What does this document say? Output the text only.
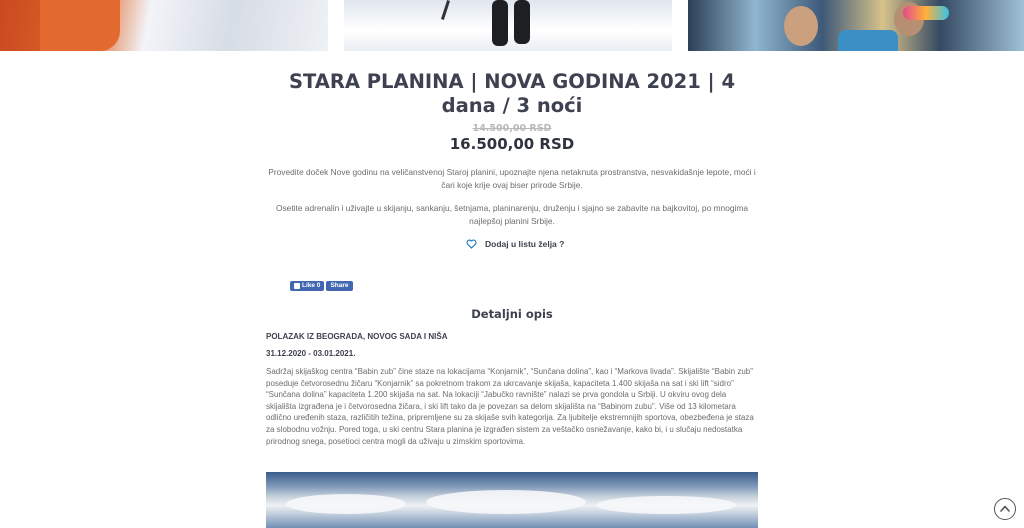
STARA PLANINA | NOVA GODINA 2021 | 4 dana / 3 noći
14.500,00 RSD
16.500,00 RSD

Provedite doček Nove godinu na veličanstvenoj Staroj planini, upoznajte njena netaknuta prostranstva, nesvakidašnje lepote, moći i čari koje krije ovaj biser prirode Srbije.

Osetite adrenalin i uživajte u skijanju, sankanju, šetnjama, planinarenju, druženju i sjajno se zabavite na bajkovitoj, po mnogima najlepšoj planini Srbije.

Dodaj u listu želja ?
Like 0 Share
Detaljni opis
POLAZAK IZ BEOGRADA, NOVOG SADA I NIŠA
31.12.2020 - 03.01.2021.

Sadržaj skijaškog centra “Babin zub” čine staze na lokacijama “Konjarnik”, “Sunčana dolina”, kao i “Markova livada”. Skijalište “Babin zub” poseduje četvorosednu žičaru “Konjarnik” sa pokretnom trakom za ukrcavanje skijaša, kapaciteta 1.400 skijaša na sat i ski lift “sidro” “Sunčana dolina” kapaciteta 1.200 skijaša na sat. Na lokaciji “Jabučko ravnište” nalazi se prva gondola u Srbiji. U okviru ovog dela skijališta izgrađena je i četvorosedna žičara, i ski lift tako da je povezan sa delom skijališta na “Babinom zubu”. Više od 13 kilometara odlično uređenih staza, različitih težina, pripremljene su za skijaše svih kategorija. Za ljubitelje ekstremnijih sportova, obezbeđena je staza za slobodnu vožnju. Pored toga, u ski centru Stara planina je izgrađen sistem za veštačko osnežavanje, kako bi, i u slučaju nedostatka prirodnog snega, posetioci centra mogli da uživaju u zimskim sportovima.
